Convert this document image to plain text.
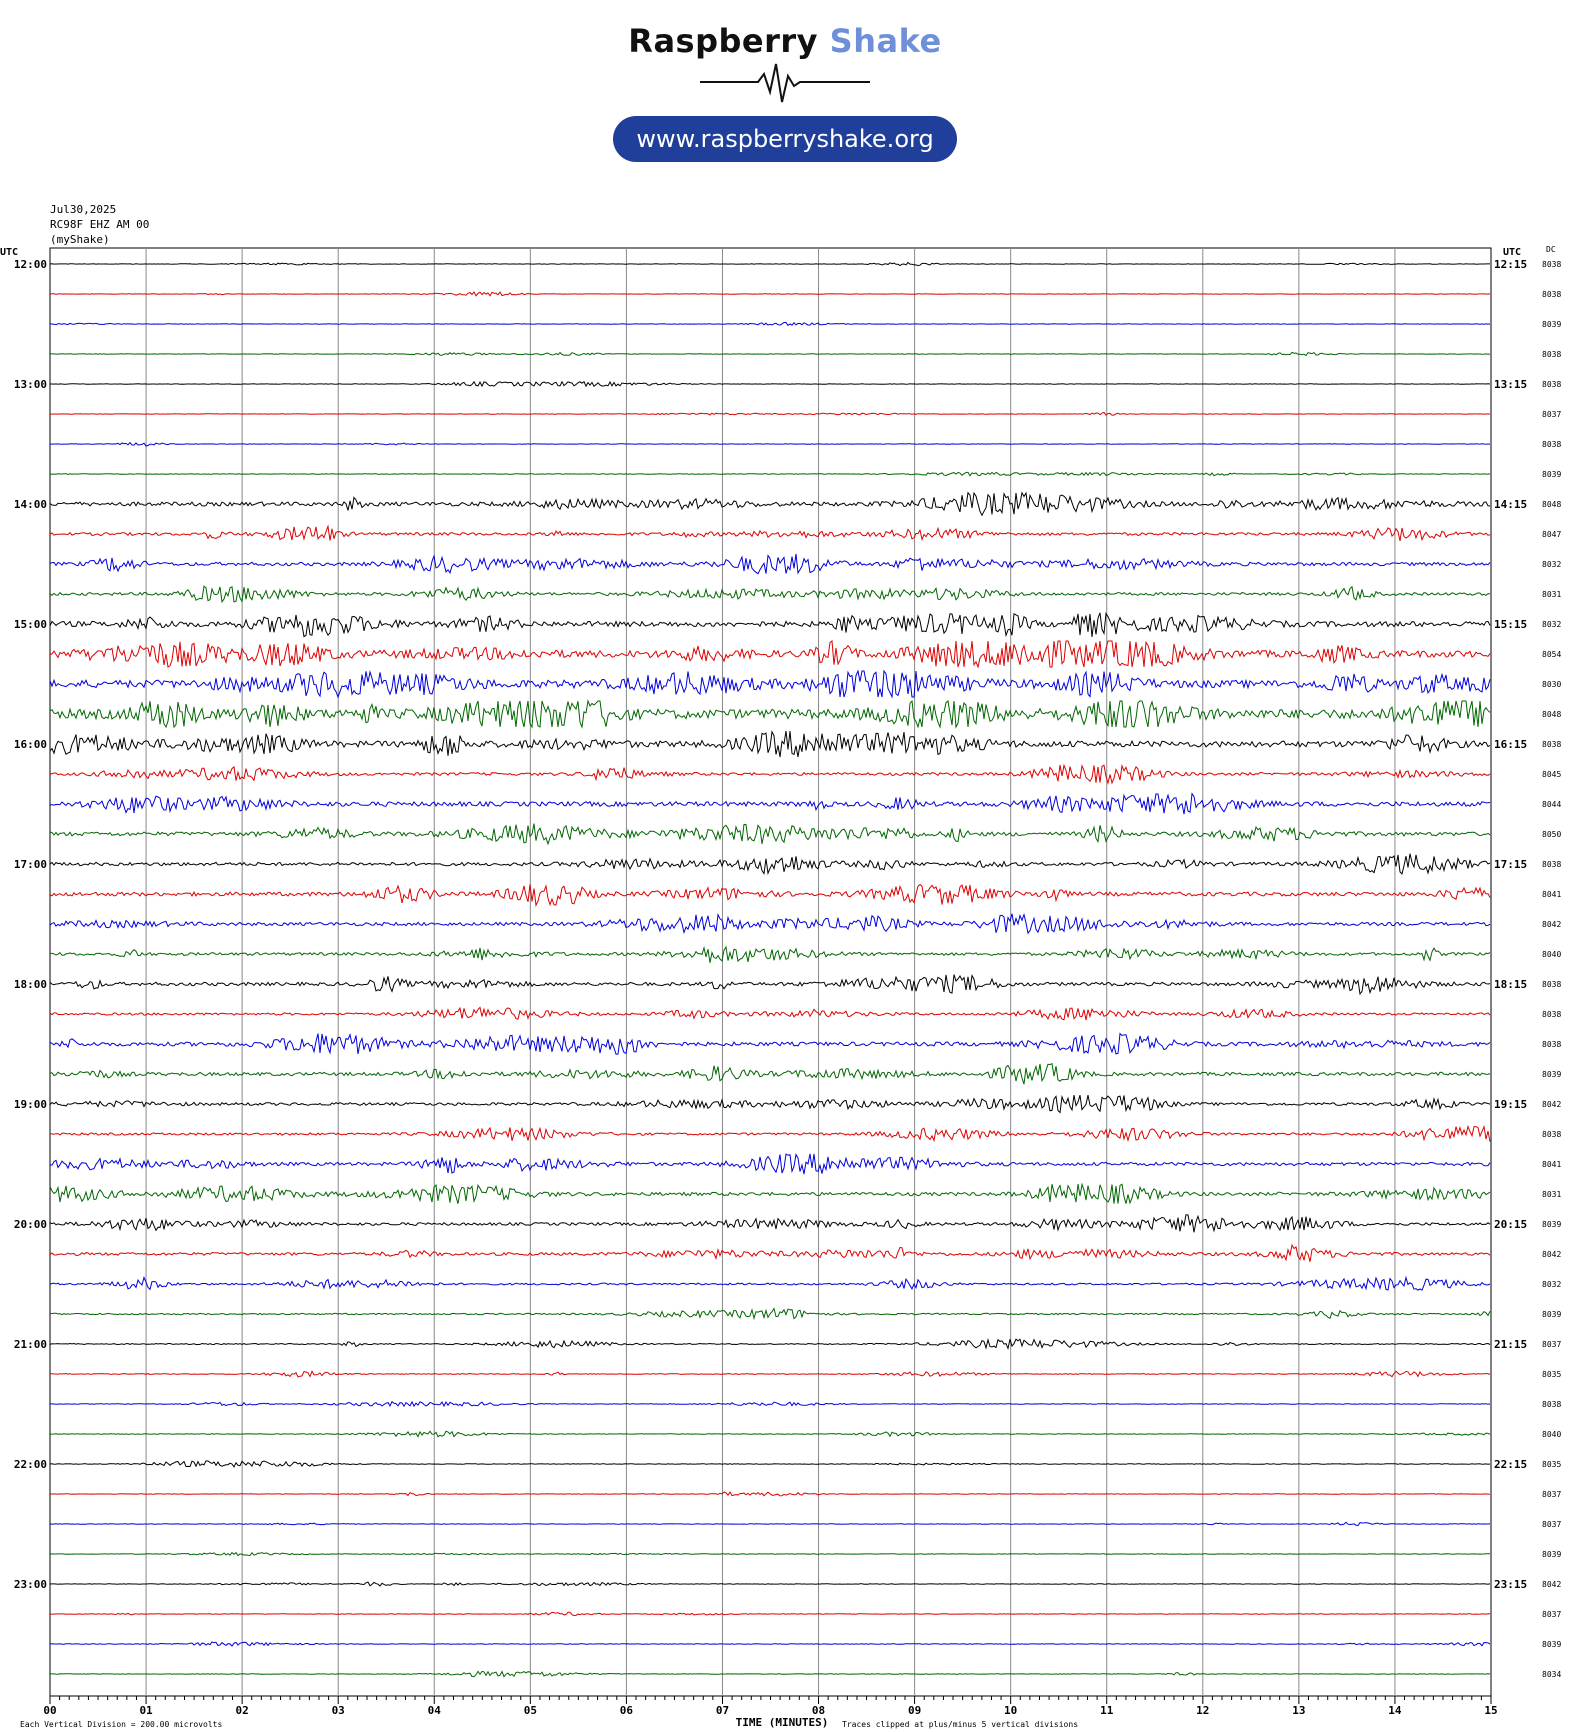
Raspberry Shake
www.raspberryshake.org
Jul30,2025
RC98F EHZ AM 00
(myShake)
8038
8038
8039
8038
8038
8037
8038
8039
8048
8047
8032
8031
8032
8054
8030
8048
8038
8045
8044
8050
8038
8041
8042
8040
8038
8038
8038
8039
8042
8038
8041
8031
8039
8042
8032
8039
8037
8035
8038
8040
8035
8037
8037
8039
8042
8037
8039
8034
12:00
13:00
14:00
15:00
16:00
17:00
18:00
19:00
20:00
21:00
22:00
23:00
12:15
13:15
14:15
15:15
16:15
17:15
18:15
19:15
20:15
21:15
22:15
23:15
UTC	UTC	DC
00	01	02	03	04	05	06	07	08	09	10	11	12	13	14	15
Each Vertical Division = 200.00 microvolts	TIME (MINUTES) Traces clipped at plus/minus 5 vertical divisions
